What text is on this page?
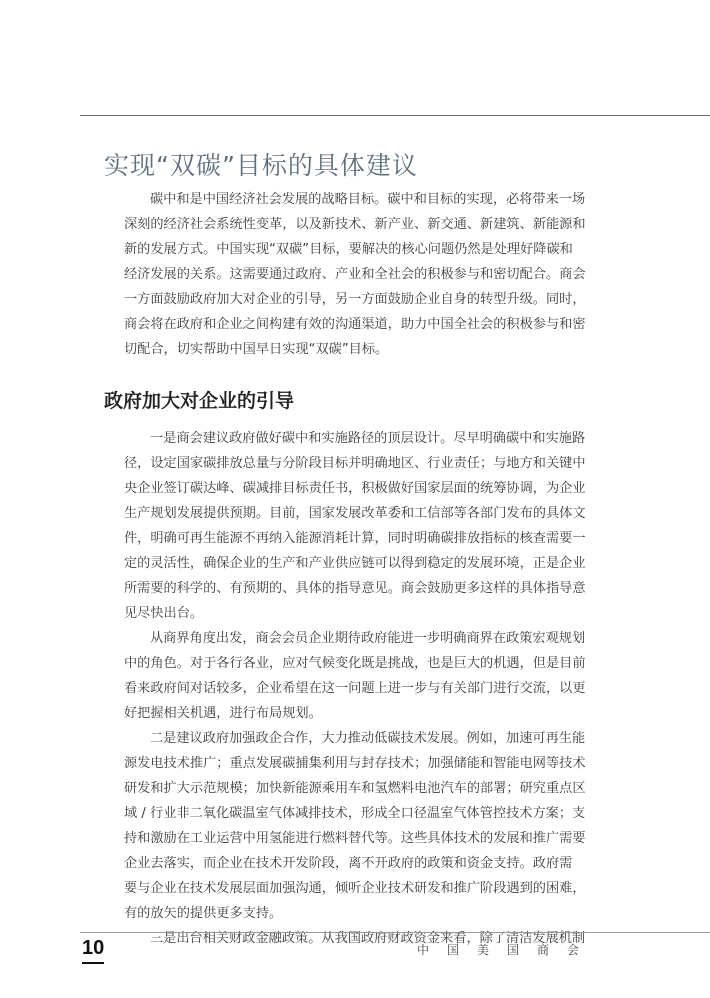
实现“双碳”目标的具体建议

碳中和是中国经济社会发展的战略目标。碳中和目标的实现，必将带来一场

深刻的经济社会系统性变革，以及新技术、新产业、新交通、新建筑、新能源和

新的发展方式。中国实现“双碳”目标，要解决的核心问题仍然是处理好降碳和

经济发展的关系。这需要通过政府、产业和全社会的积极参与和密切配合。商会

一方面鼓励政府加大对企业的引导，另一方面鼓励企业自身的转型升级。同时，

商会将在政府和企业之间构建有效的沟通渠道，助力中国全社会的积极参与和密

切配合，切实帮助中国早日实现“双碳”目标。

政府加大对企业的引导

一是商会建议政府做好碳中和实施路径的顶层设计。尽早明确碳中和实施路

径，设定国家碳排放总量与分阶段目标并明确地区、行业责任；与地方和关键中

央企业签订碳达峰、碳减排目标责任书，积极做好国家层面的统筹协调，为企业

生产规划发展提供预期。目前，国家发展改革委和工信部等各部门发布的具体文

件，明确可再生能源不再纳入能源消耗计算，同时明确碳排放指标的核查需要一

定的灵活性，确保企业的生产和产业供应链可以得到稳定的发展环境，正是企业

所需要的科学的、有预期的、具体的指导意见。商会鼓励更多这样的具体指导意

见尽快出台。

从商界角度出发，商会会员企业期待政府能进一步明确商界在政策宏观规划

中的角色。对于各行各业，应对气候变化既是挑战，也是巨大的机遇，但是目前

看来政府间对话较多，企业希望在这一问题上进一步与有关部门进行交流，以更

好把握相关机遇，进行布局规划。

二是建议政府加强政企合作，大力推动低碳技术发展。例如，加速可再生能

源发电技术推广；重点发展碳捕集利用与封存技术；加强储能和智能电网等技术

研发和扩大示范规模；加快新能源乘用车和氢燃料电池汽车的部署；研究重点区

域 / 行业非二氧化碳温室气体减排技术，形成全口径温室气体管控技术方案；支

持和激励在工业运营中用氢能进行燃料替代等。这些具体技术的发展和推广需要

企业去落实，而企业在技术开发阶段，离不开政府的政策和资金支持。政府需

要与企业在技术发展层面加强沟通，倾听企业技术研发和推广阶段遇到的困难，

有的放矢的提供更多支持。

三是出台相关财政金融政策。从我国政府财政资金来看，除了清洁发展机制

10	中国美国商会
